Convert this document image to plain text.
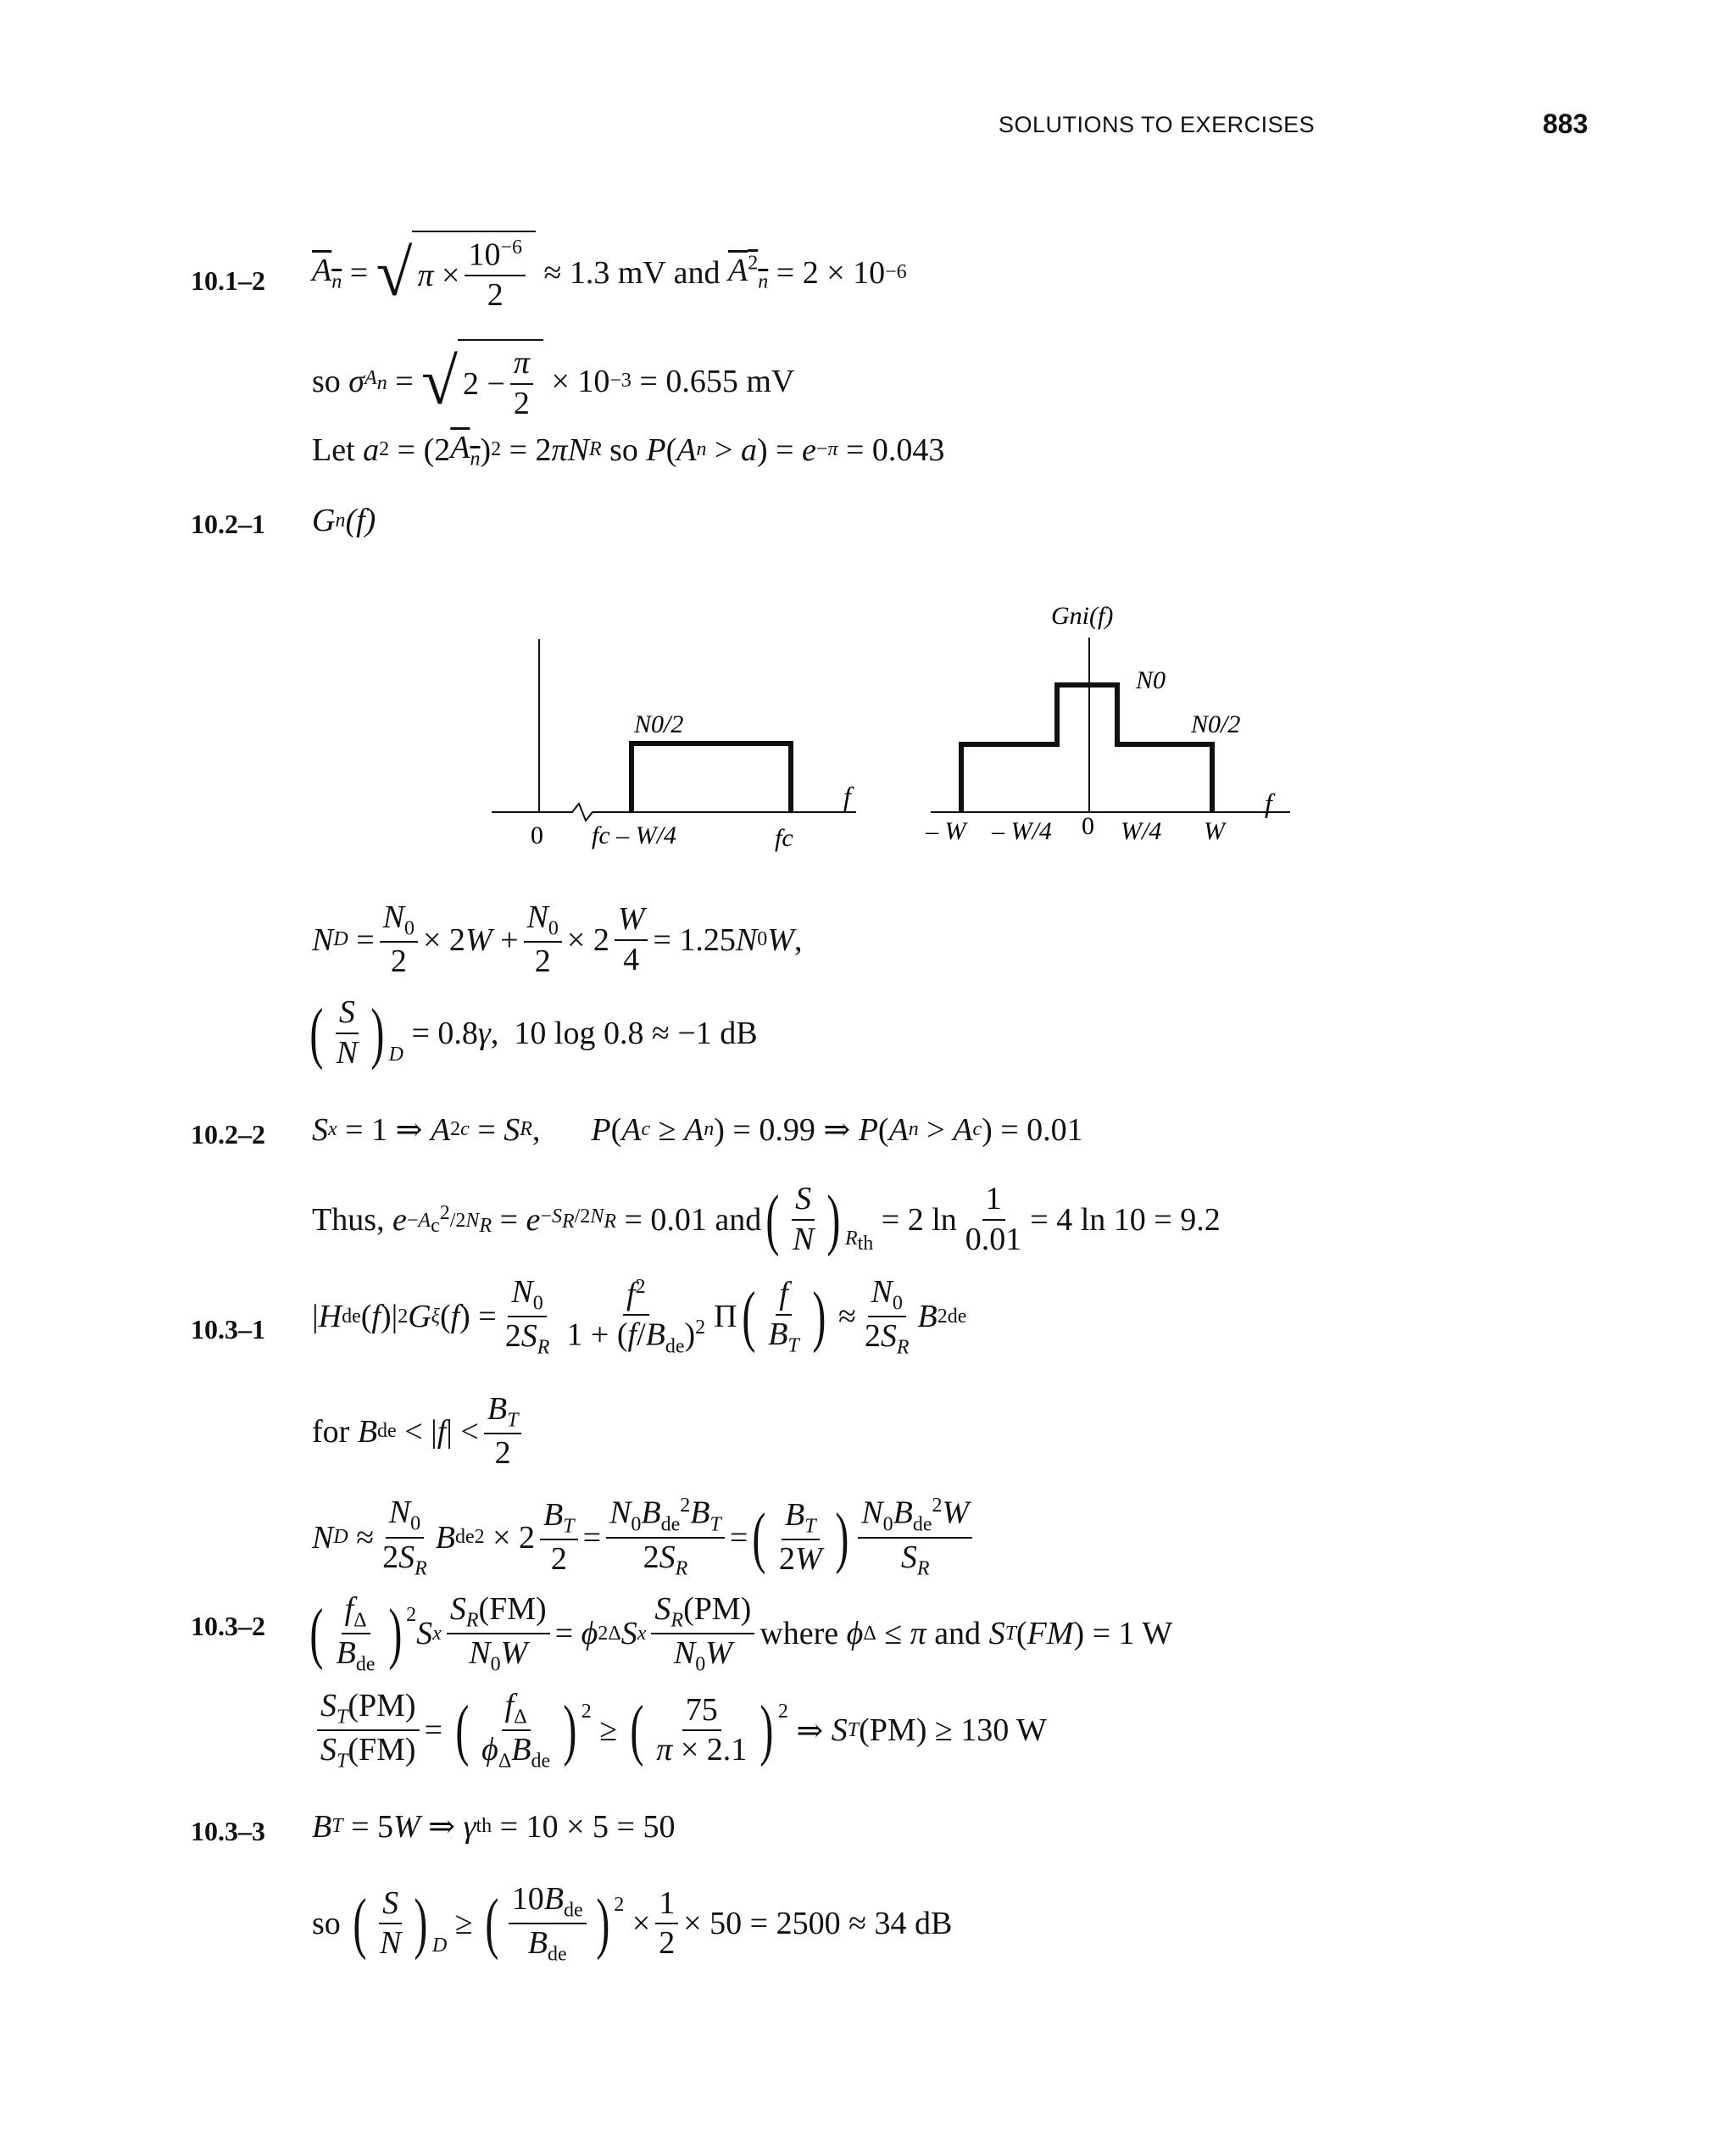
SOLUTIONS TO EXERCISES	883
10.1–2 $A_n$ = √ $\pi \times \frac{10^{-6}}{2} \approx 1.3$ mV and $A^2_n = 2 \times 10 -6$
so σ $A_n$ = √ $2 - \frac{\pi}{2} \times 10 -3 = 0.655$ mV
Let a 2 = (2 $A_n$ ) 2 = 2 πN R so P ( A n > a ) = e −π = 0.043
10.2–1 G n (f)
N0/2
0 fc – W/4	fc
f
Gni(f)
N0
N0/2
– W – W/4 0 W/4 W
f
N $D = \frac{N_0}{2} \times 2$ $W + \frac{N_0}{2} \times 2 \frac{W}{4} = 1.25$ N 0 W ,
( $\frac{S}{N}$ ) $_D$
= 0.8 γ , 10 log 0.8 ≈ −1 dB
10.2–2 S x = 1 ⇒ A 2 c = S R , P ( A c ≥ A n ) = 0.99 ⇒ P ( A n > A c ) = 0.01
Thus, $e -A_c^2/2N_R = e -S_R/2N_R = 0.01$ and ( $\frac{S}{N}$ ) $_{R_{th}}$
= 2 $\ln \frac{1}{0.01} = 4$ ln 10 = 9.2
10.3–1 | H de ( f )| 2 G ξ ( f ) = $\frac{N_0}{2S_R} \frac{f^2}{1 + (f/B_{de})^2}$ Π ( $\frac{f}{B_T}$ ) ≈ $\frac{N_0}{2S_R}$ B 2 de
for B de < | f | < $\frac{B_T}{2}$
N $D \approx \frac{N_0}{2S_R}$ B de $2 \times 2 \frac{B_T}{2} = \frac{N_0B_{de}^2B_T}{2S_R}$ = ( $\frac{B_T}{2W}$ ) $\frac{N_0B_{de}^2W}{S_R}$
10.3–2 ( $\frac{f_\Delta}{B_{de}} )^2$
S x $\frac{S_R(FM)}{N_0W} = \phi$ 2 Δ S x $\frac{S_R(PM)}{N_0W}$ where ϕ Δ ≤ π and S T ( FM ) = 1 W
$\frac{S_T(PM)}{S_T(FM)}$ = ( $\frac{f_\Delta}{\phi_\Delta B_{de}} )^2$
≥ ( $\frac{75}{\pi \times 2.1} )^2$
⇒ S T (PM) ≥ 130 W
10.3–3 B T = 5 W ⇒ γ th = 10 × 5 = 50
so ( $\frac{S}{N}$ ) $_D$
≥ ( $\frac{10B_{de}}{B_{de}} )^2$
× $\frac{1}{2} \times 50 = 2500 \approx 34$ dB
